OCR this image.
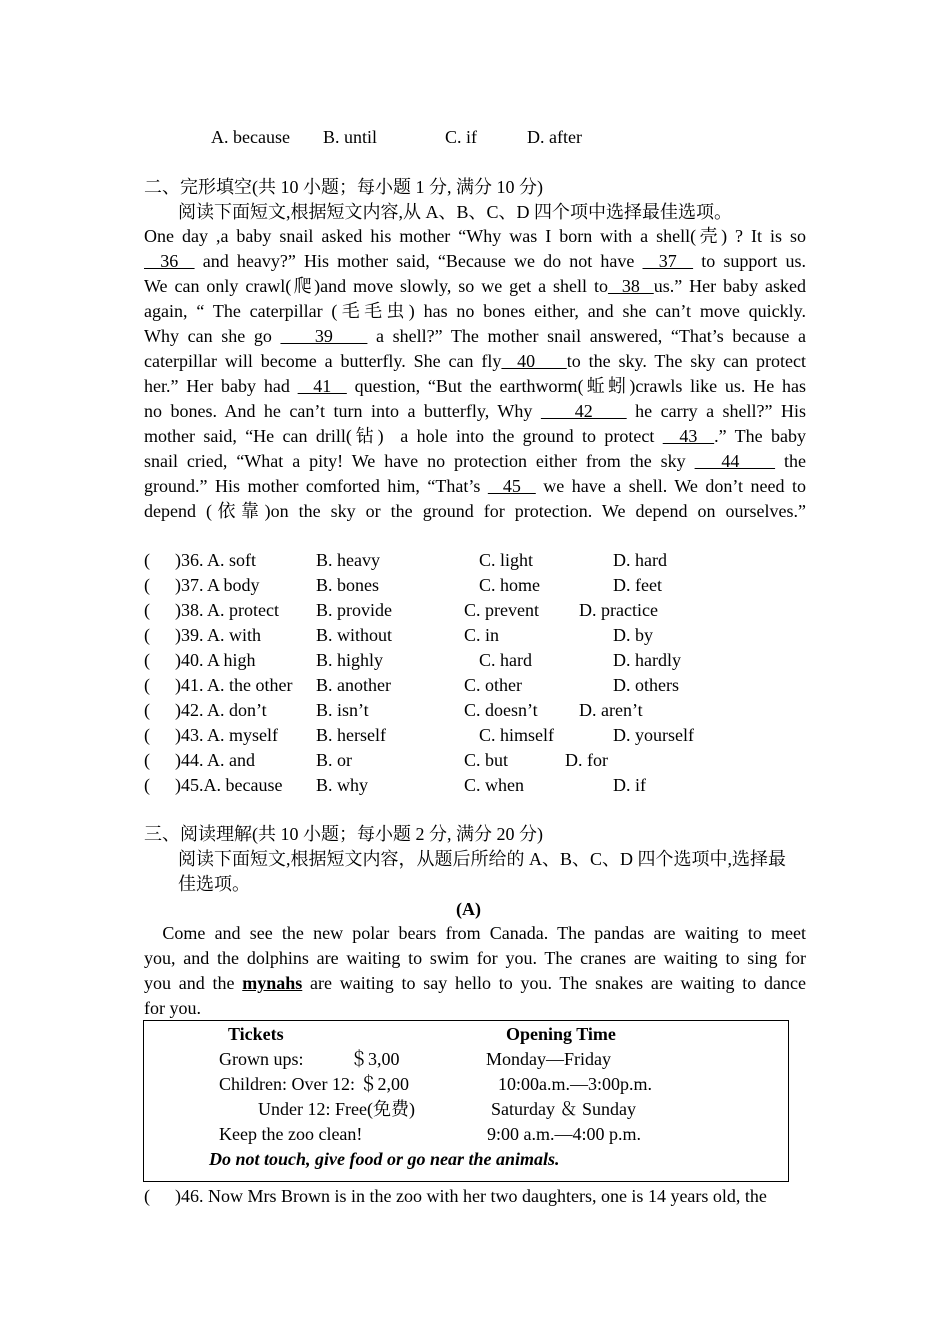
A. because B. until	C. if	D. after
二、完形填空(共 10 小题；每小题 1 分, 满分 10 分)
阅读下面短文,根据短文内容,从 A、B、C、D 四个项中选择最佳选项。
One day ,a baby snail asked his mother “Why was I born with a shell(壳) ? It is so
36   and heavy?” His mother said, “Because we do not have   37   to support us.
We can only crawl(爬)and move slowly, so we get a shell to  38  us.” Her baby asked
again, “ The caterpillar (毛毛虫) has no bones either, and she can’t move quickly.
Why can she go     39     a shell?” The mother snail answered, “That’s because a
caterpillar will become a butterfly. She can fly  40    to the sky. The sky can protect
her.” Her baby had   41   question, “But the earthworm(蚯蚓)crawls like us. He has
no bones. And he can’t turn into a butterfly, Why     42     he carry a shell?” His
mother said, “He can drill(钻)  a hole into the ground to protect   43  .” The baby
snail cried, “What a pity! We have no protection either from the sky    44     the
ground.” His mother comforted him, “That’s   45   we have a shell. We don’t need to
depend (依靠)on the sky or the ground for protection. We depend on ourselves.”
( )36. A. soft	B. heavy	C. light	D. hard
( )37. A body	B. bones	C. home	D. feet
( )38. A. protect B. provide	C. prevent D. practice
( )39. A. with	B. without	C. in	D. by
( )40. A high	B. highly	C. hard	D. hardly
( )41. A. the other B. another	C. other	D. others
( )42. A. don’t	B. isn’t	C. doesn’t D. aren’t
( )43. A. myself B. herself	C. himself	D. yourself
( )44. A. and	B. or	C. but	D. for
( )45.A. because B. why	C. when	D. if
三、阅读理解(共 10 小题；每小题 2 分, 满分 20 分)
阅读下面短文,根据短文内容，从题后所给的 A、B、C、D 四个选项中,选择最
佳选项。
(A)
Come and see the new polar bears from Canada. The pandas are waiting to meet
you, and the dolphins are waiting to swim for you. The cranes are waiting to sing for
you and the mynahs are waiting to say hello to you. The snakes are waiting to dance
for you.
Tickets	Opening Time
Grown ups:	＄3,00	Monday—Friday
Children: Over 12: ＄2,00	10:00a.m.—3:00p.m.
Under 12: Free(免费)	Saturday ＆ Sunday
Keep the zoo clean!	9:00 a.m.—4:00 p.m.
Do not touch, give food or go near the animals.
( )46. Now Mrs Brown is in the zoo with her two daughters, one is 14 years old, the
